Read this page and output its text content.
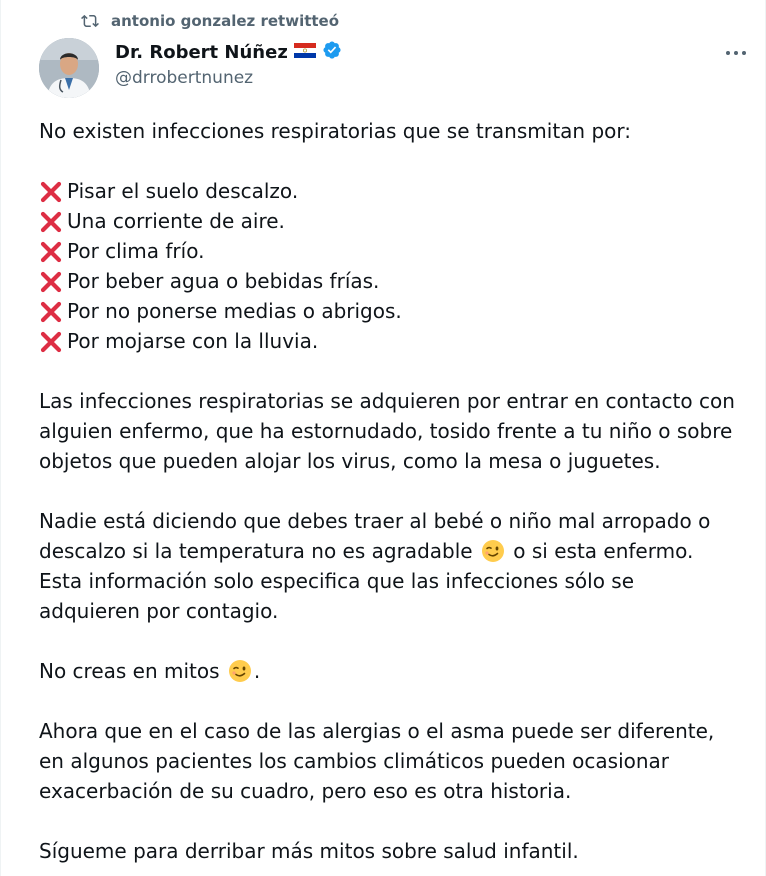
antonio gonzalez retwitteó
Dr. Robert Núñez
@drrobertnunez

No existen infecciones respiratorias que se transmitan por:

Pisar el suelo descalzo.
Una corriente de aire.
Por clima frío.
Por beber agua o bebidas frías.
Por no ponerse medias o abrigos.
Por mojarse con la lluvia.

Las infecciones respiratorias se adquieren por entrar en contacto con alguien enfermo, que ha estornudado, tosido frente a tu niño o sobre objetos que pueden alojar los virus, como la mesa o juguetes.

Nadie está diciendo que debes traer al bebé o niño mal arropado o descalzo si la temperatura no es agradable o si esta enfermo. Esta información solo especifica que las infecciones sólo se adquieren por contagio.

No creas en mitos .

Ahora que en el caso de las alergias o el asma puede ser diferente, en algunos pacientes los cambios climáticos pueden ocasionar exacerbación de su cuadro, pero eso es otra historia.

Sígueme para derribar más mitos sobre salud infantil.
